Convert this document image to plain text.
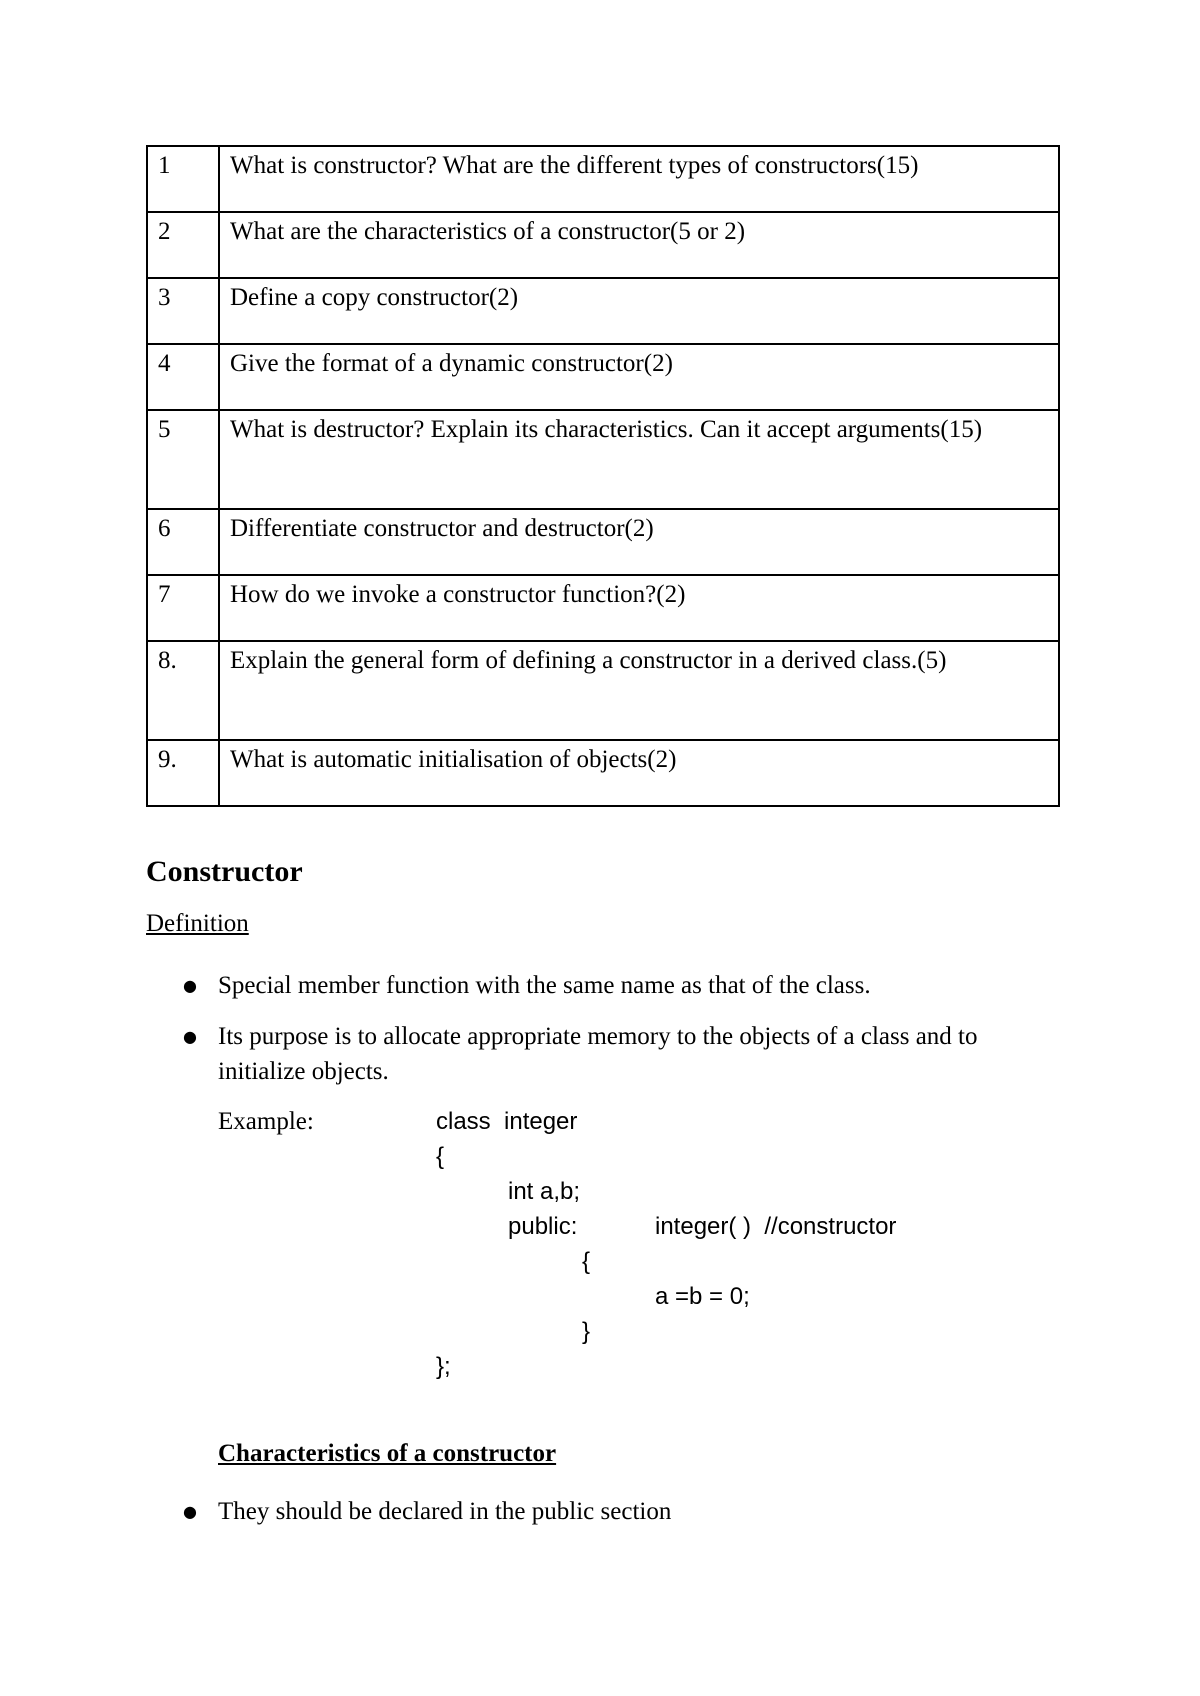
1	What is constructor? What are the different types of constructors(15)
2	What are the characteristics of a constructor(5 or 2)
3	Define a copy constructor(2)
4	Give the format of a dynamic constructor(2)
5	What is destructor? Explain its characteristics. Can it accept arguments(15)
6	Differentiate constructor and destructor(2)
7	How do we invoke a constructor function?(2)
8.	Explain the general form of defining a constructor in a derived class.(5)
9.	What is automatic initialisation of objects(2)
Constructor
Definition
● Special member function with the same name as that of the class.
● Its purpose is to allocate appropriate memory to the objects of a class and to initialize objects.
Example:	class  integer
{
int a,b;
public:	integer( )  //constructor
{
a =b = 0;
}
};
Characteristics of a constructor
● They should be declared in the public section
